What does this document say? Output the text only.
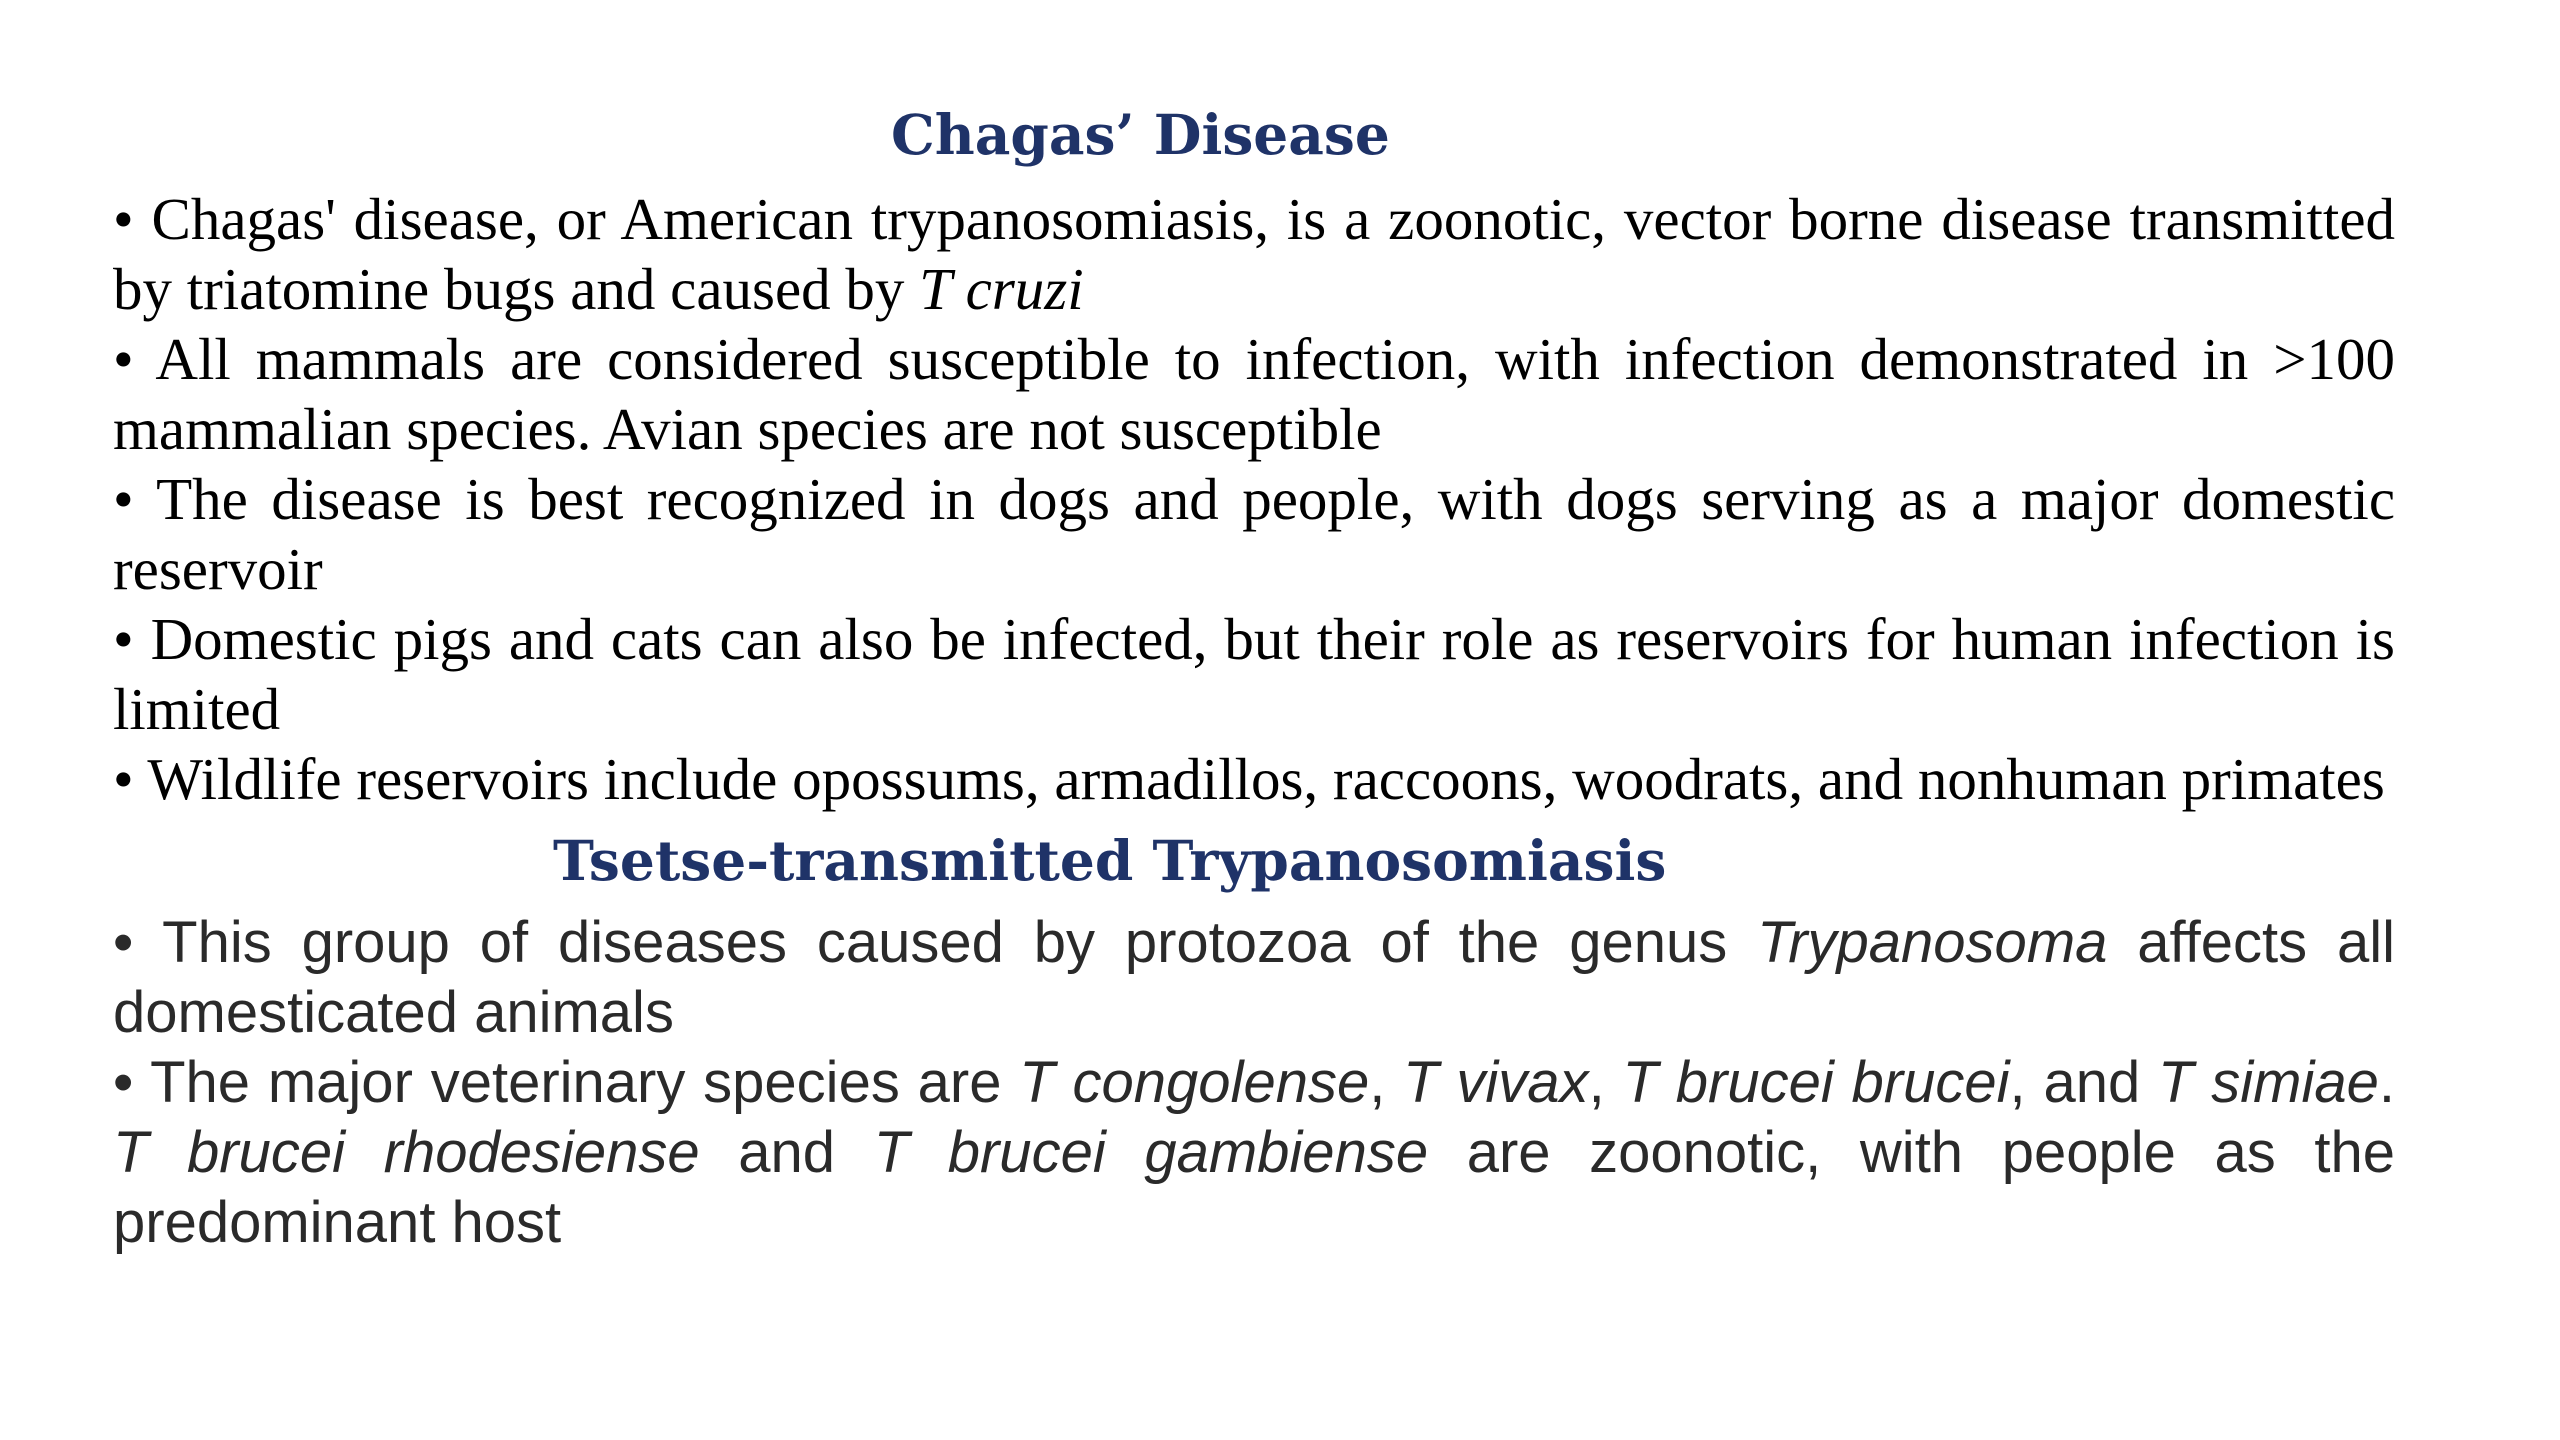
Chagas’ Disease

• Chagas' disease, or American trypanosomiasis, is a zoonotic, vector borne disease transmitted by triatomine bugs and caused by T cruzi

• All mammals are considered susceptible to infection, with infection demonstrated in >100 mammalian species. Avian species are not susceptible

• The disease is best recognized in dogs and people, with dogs serving as a major domestic reservoir

• Domestic pigs and cats can also be infected, but their role as reservoirs for human infection is limited

• Wildlife reservoirs include opossums, armadillos, raccoons, woodrats, and nonhuman primates

Tsetse-transmitted Trypanosomiasis

• This group of diseases caused by protozoa of the genus Trypanosoma affects all domesticated animals

• The major veterinary species are T congolense, T vivax, T brucei brucei, and T simiae. T brucei rhodesiense and T brucei gambiense are zoonotic, with people as the predominant host
